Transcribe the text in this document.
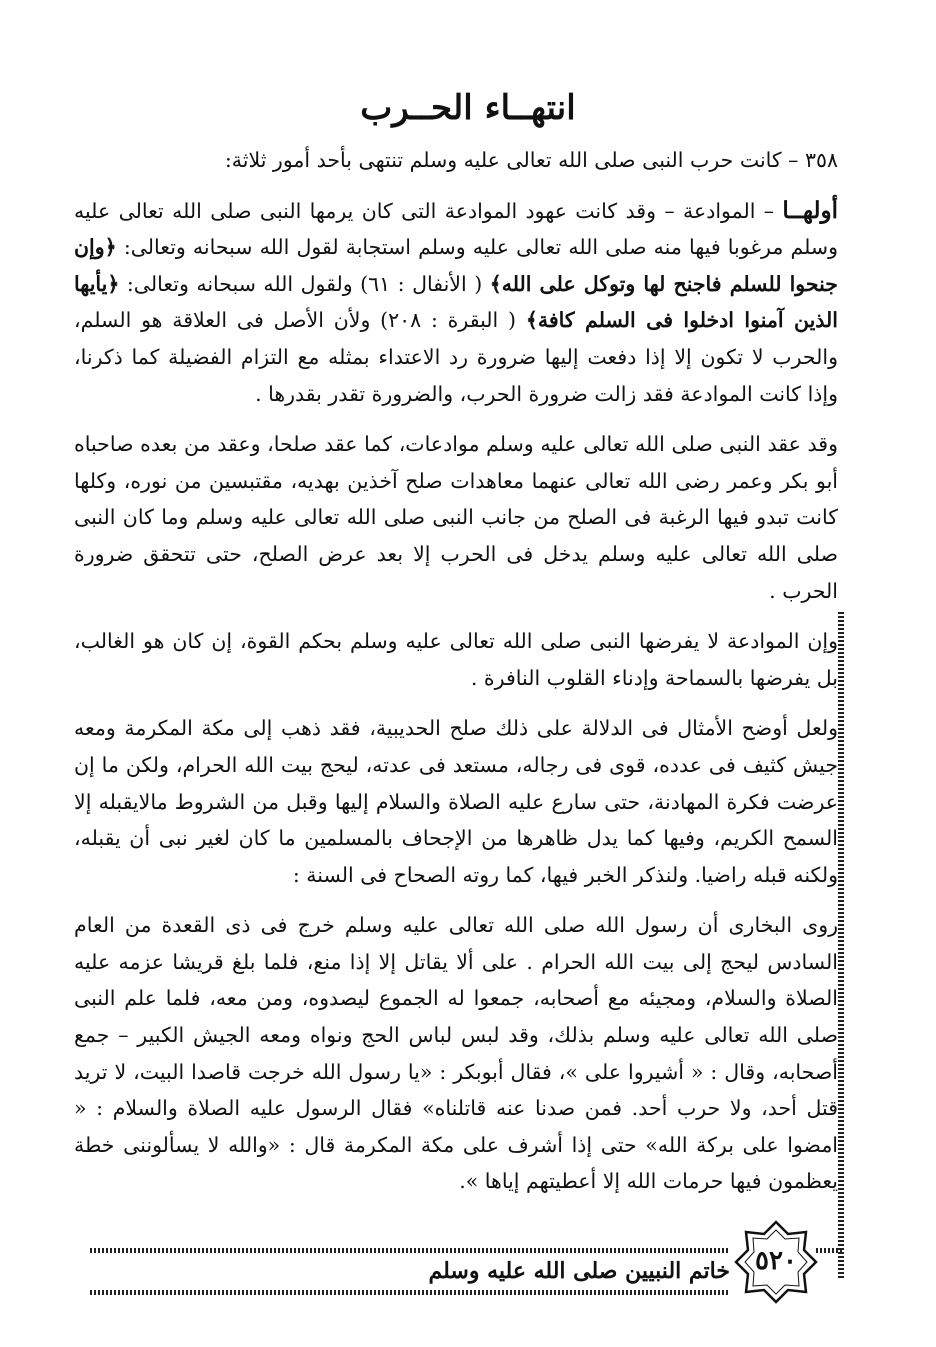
انتهــاء الحــرب

٣٥٨ – كانت حرب النبى صلى الله تعالى عليه وسلم تنتهى بأحد أمور ثلاثة:

أولهــا – الموادعة – وقد كانت عهود الموادعة التى كان يرمها النبى صلى الله تعالى عليه وسلم مرغوبا فيها منه صلى الله تعالى عليه وسلم استجابة لقول الله سبحانه وتعالى: ﴿وإن جنحوا للسلم فاجنح لها وتوكل على الله﴾ ( الأنفال : ٦١) ولقول الله سبحانه وتعالى: ﴿يأيها الذين آمنوا ادخلوا فى السلم كافة﴾ ( البقرة : ٢٠٨) ولأن الأصل فى العلاقة هو السلم، والحرب لا تكون إلا إذا دفعت إليها ضرورة رد الاعتداء بمثله مع التزام الفضيلة كما ذكرنا، وإذا كانت الموادعة فقد زالت ضرورة الحرب، والضرورة تقدر بقدرها .

وقد عقد النبى صلى الله تعالى عليه وسلم موادعات، كما عقد صلحا، وعقد من بعده صاحباه أبو بكر وعمر رضى الله تعالى عنهما معاهدات صلح آخذين بهديه، مقتبسين من نوره، وكلها كانت تبدو فيها الرغبة فى الصلح من جانب النبى صلى الله تعالى عليه وسلم وما كان النبى صلى الله تعالى عليه وسلم يدخل فى الحرب إلا بعد عرض الصلح، حتى تتحقق ضرورة الحرب .

وإن الموادعة لا يفرضها النبى صلى الله تعالى عليه وسلم بحكم القوة، إن كان هو الغالب، بل يفرضها بالسماحة وإدناء القلوب النافرة .

ولعل أوضح الأمثال فى الدلالة على ذلك صلح الحديبية، فقد ذهب إلى مكة المكرمة ومعه جيش كثيف فى عدده، قوى فى رجاله، مستعد فى عدته، ليحج بيت الله الحرام، ولكن ما إن عرضت فكرة المهادنة، حتى سارع عليه الصلاة والسلام إليها وقبل من الشروط مالايقبله إلا السمح الكريم، وفيها كما يدل ظاهرها من الإجحاف بالمسلمين ما كان لغير نبى أن يقبله، ولكنه قبله راضيا. ولنذكر الخبر فيها، كما روته الصحاح فى السنة :

روى البخارى أن رسول الله صلى الله تعالى عليه وسلم خرج فى ذى القعدة من العام السادس ليحج إلى بيت الله الحرام . على ألا يقاتل إلا إذا منع، فلما بلغ قريشا عزمه عليه الصلاة والسلام، ومجيئه مع أصحابه، جمعوا له الجموع ليصدوه، ومن معه، فلما علم النبى صلى الله تعالى عليه وسلم بذلك، وقد لبس لباس الحج ونواه ومعه الجيش الكبير – جمع أصحابه، وقال : « أشيروا على »، فقال أبوبكر : «يا رسول الله خرجت قاصدا البيت، لا تريد قتل أحد، ولا حرب أحد. فمن صدنا عنه قاتلناه» فقال الرسول عليه الصلاة والسلام : « امضوا على بركة الله» حتى إذا أشرف على مكة المكرمة قال : «والله لا يسألوننى خطة يعظمون فيها حرمات الله إلا أعطيتهم إياها ».

٥٢٠
خاتم النبيين صلى الله عليه وسلم
